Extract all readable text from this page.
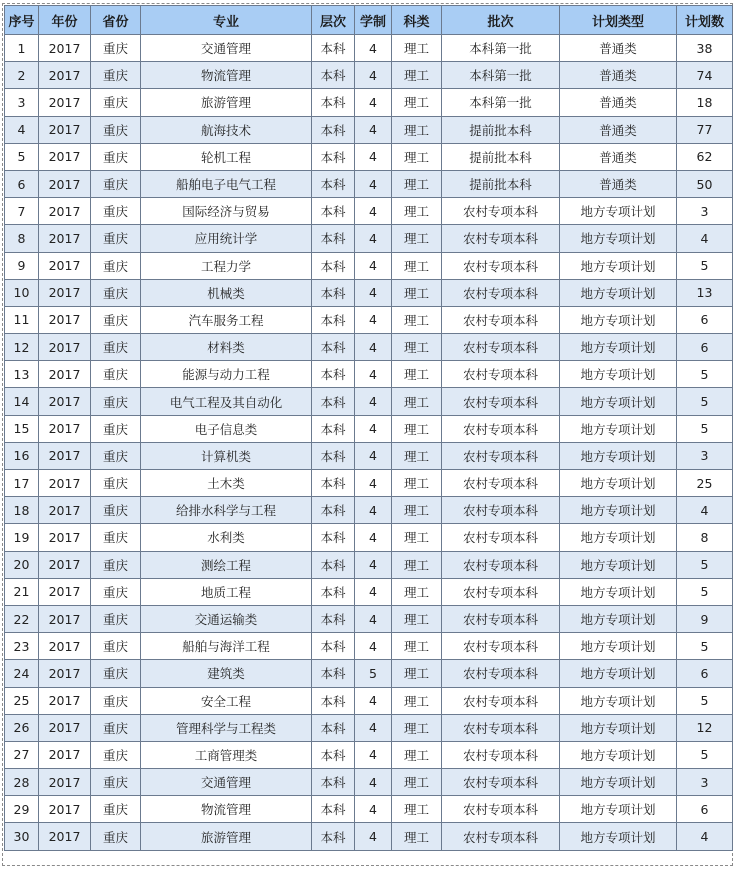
序号	年份	省份	专业	层次	学制	科类	批次	计划类型	计划数
1	2017	重庆	交通管理	本科	4	理工	本科第一批	普通类	38
2	2017	重庆	物流管理	本科	4	理工	本科第一批	普通类	74
3	2017	重庆	旅游管理	本科	4	理工	本科第一批	普通类	18
4	2017	重庆	航海技术	本科	4	理工	提前批本科	普通类	77
5	2017	重庆	轮机工程	本科	4	理工	提前批本科	普通类	62
6	2017	重庆	船舶电子电气工程	本科	4	理工	提前批本科	普通类	50
7	2017	重庆	国际经济与贸易	本科	4	理工	农村专项本科	地方专项计划	3
8	2017	重庆	应用统计学	本科	4	理工	农村专项本科	地方专项计划	4
9	2017	重庆	工程力学	本科	4	理工	农村专项本科	地方专项计划	5
10	2017	重庆	机械类	本科	4	理工	农村专项本科	地方专项计划	13
11	2017	重庆	汽车服务工程	本科	4	理工	农村专项本科	地方专项计划	6
12	2017	重庆	材料类	本科	4	理工	农村专项本科	地方专项计划	6
13	2017	重庆	能源与动力工程	本科	4	理工	农村专项本科	地方专项计划	5
14	2017	重庆	电气工程及其自动化	本科	4	理工	农村专项本科	地方专项计划	5
15	2017	重庆	电子信息类	本科	4	理工	农村专项本科	地方专项计划	5
16	2017	重庆	计算机类	本科	4	理工	农村专项本科	地方专项计划	3
17	2017	重庆	土木类	本科	4	理工	农村专项本科	地方专项计划	25
18	2017	重庆	给排水科学与工程	本科	4	理工	农村专项本科	地方专项计划	4
19	2017	重庆	水利类	本科	4	理工	农村专项本科	地方专项计划	8
20	2017	重庆	测绘工程	本科	4	理工	农村专项本科	地方专项计划	5
21	2017	重庆	地质工程	本科	4	理工	农村专项本科	地方专项计划	5
22	2017	重庆	交通运输类	本科	4	理工	农村专项本科	地方专项计划	9
23	2017	重庆	船舶与海洋工程	本科	4	理工	农村专项本科	地方专项计划	5
24	2017	重庆	建筑类	本科	5	理工	农村专项本科	地方专项计划	6
25	2017	重庆	安全工程	本科	4	理工	农村专项本科	地方专项计划	5
26	2017	重庆	管理科学与工程类	本科	4	理工	农村专项本科	地方专项计划	12
27	2017	重庆	工商管理类	本科	4	理工	农村专项本科	地方专项计划	5
28	2017	重庆	交通管理	本科	4	理工	农村专项本科	地方专项计划	3
29	2017	重庆	物流管理	本科	4	理工	农村专项本科	地方专项计划	6
30	2017	重庆	旅游管理	本科	4	理工	农村专项本科	地方专项计划	4
